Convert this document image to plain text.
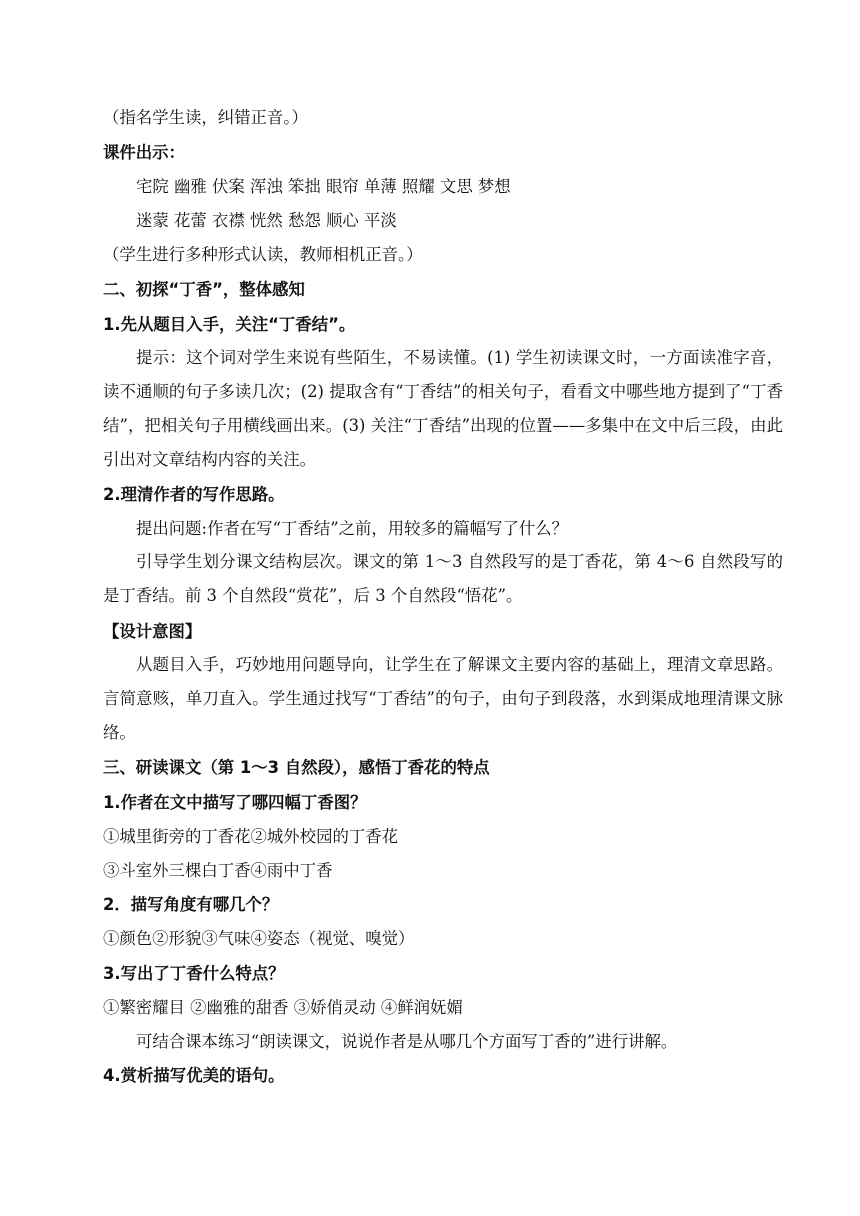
（指名学生读，纠错正音。）
课件出示：
宅院 幽雅 伏案 浑浊 笨拙 眼帘 单薄 照耀 文思 梦想
迷蒙 花蕾 衣襟 恍然 愁怨 顺心 平淡
（学生进行多种形式认读，教师相机正音。）
二、初探“丁香”，整体感知
1.先从题目入手，关注“丁香结”。
提示：这个词对学生来说有些陌生，不易读懂。(1) 学生初读课文时，一方面读准字音，读不通顺的句子多读几次；(2) 提取含有“丁香结”的相关句子，看看文中哪些地方提到了“丁香结”，把相关句子用横线画出来。(3) 关注“丁香结”出现的位置——多集中在文中后三段，由此引出对文章结构内容的关注。
2.理清作者的写作思路。
提出问题:作者在写“丁香结”之前，用较多的篇幅写了什么？
引导学生划分课文结构层次。课文的第 1～3 自然段写的是丁香花，第 4～6 自然段写的是丁香结。前 3 个自然段“赏花”，后 3 个自然段“悟花”。
【设计意图】
从题目入手，巧妙地用问题导向，让学生在了解课文主要内容的基础上，理清文章思路。言简意赅，单刀直入。学生通过找写“丁香结”的句子，由句子到段落，水到渠成地理清课文脉络。
三、研读课文（第 1～3 自然段），感悟丁香花的特点
1.作者在文中描写了哪四幅丁香图？
①城里街旁的丁香花②城外校园的丁香花
③斗室外三棵白丁香④雨中丁香
2．描写角度有哪几个？
①颜色②形貌③气味④姿态（视觉、嗅觉）
3.写出了丁香什么特点？
①繁密耀目 ②幽雅的甜香 ③娇俏灵动 ④鲜润妩媚
可结合课本练习“朗读课文，说说作者是从哪几个方面写丁香的”进行讲解。
4.赏析描写优美的语句。
